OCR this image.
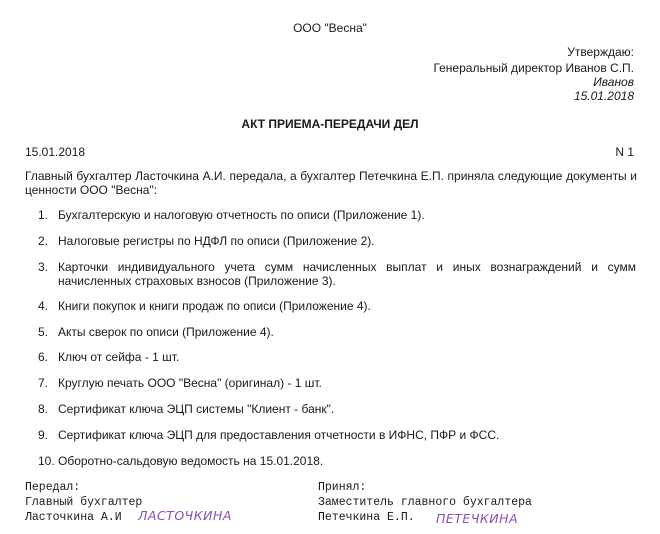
ООО "Весна"
Утверждаю:
Генеральный директор Иванов С.П.
Иванов
15.01.2018
АКТ ПРИЕМА-ПЕРЕДАЧИ ДЕЛ
15.01.2018	N 1
Главный бухгалтер Ласточкина А.И. передала, а бухгалтер Петечкина Е.П. приняла следующие документы и ценности ООО "Весна":
1. Бухгалтерскую и налоговую отчетность по описи (Приложение 1).
2. Налоговые регистры по НДФЛ по описи (Приложение 2).
3. Карточки индивидуального учета сумм начисленных выплат и иных вознаграждений и сумм начисленных страховых взносов (Приложение 3).
4. Книги покупок и книги продаж по описи (Приложение 4).
5. Акты сверок по описи (Приложение 4).
6. Ключ от сейфа - 1 шт.
7. Круглую печать ООО "Весна" (оригинал) - 1 шт.
8. Сертификат ключа ЭЦП системы "Клиент - банк".
9. Сертификат ключа ЭЦП для предоставления отчетности в ИФНС, ПФР и ФСС.
10. Оборотно-сальдовую ведомость на 15.01.2018.
Передал:
Главный бухгалтер
Ласточкина А.И ЛАСТОЧКИНА
Принял:
Заместитель главного бухгалтера
Петечкина Е.П. ПЕТЕЧКИНА
